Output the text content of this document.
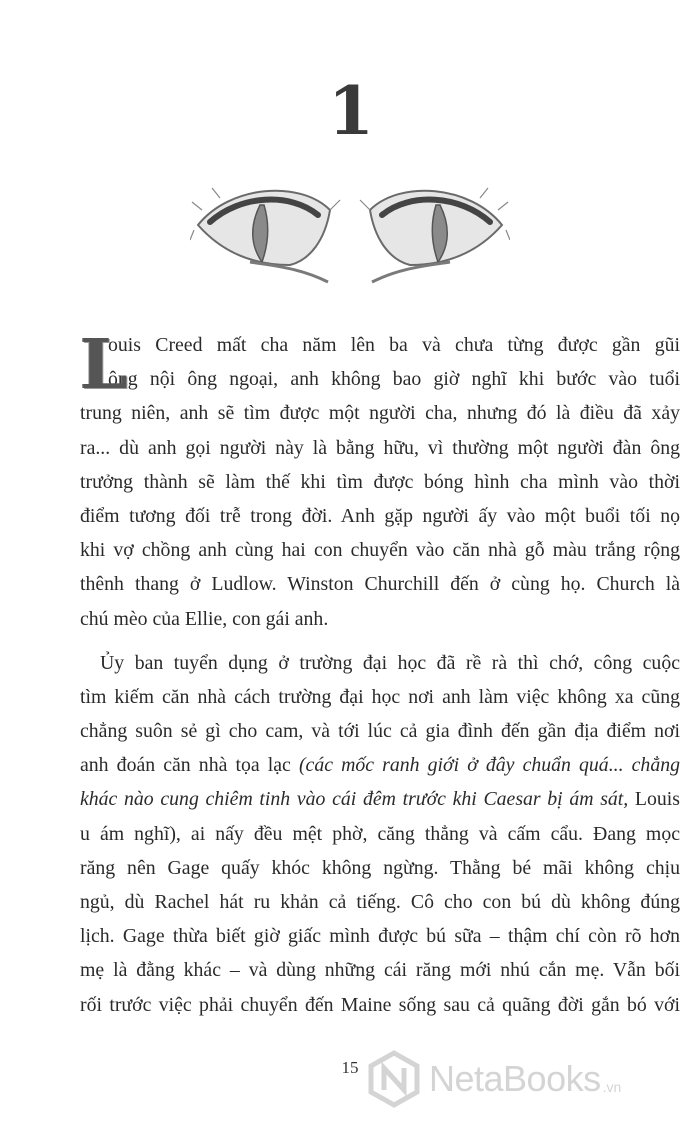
1
L
ouis Creed mất cha năm lên ba và chưa từng được gần gũi
ông nội ông ngoại, anh không bao giờ nghĩ khi bước vào tuổi
trung niên, anh sẽ tìm được một người cha, nhưng đó là điều đã xảy
ra... dù anh gọi người này là bằng hữu, vì thường một người đàn ông
trưởng thành sẽ làm thế khi tìm được bóng hình cha mình vào thời
điểm tương đối trễ trong đời. Anh gặp người ấy vào một buổi tối nọ
khi vợ chồng anh cùng hai con chuyển vào căn nhà gỗ màu trắng rộng
thênh thang ở Ludlow. Winston Churchill đến ở cùng họ. Church là
chú mèo của Ellie, con gái anh.
Ủy ban tuyển dụng ở trường đại học đã rề rà thì chớ, công cuộc
tìm kiếm căn nhà cách trường đại học nơi anh làm việc không xa cũng
chẳng suôn sẻ gì cho cam, và tới lúc cả gia đình đến gần địa điểm nơi
anh đoán căn nhà tọa lạc (các mốc ranh giới ở đây chuẩn quá... chẳng
khác nào cung chiêm tinh vào cái đêm trước khi Caesar bị ám sát, Louis
u ám nghĩ), ai nấy đều mệt phờ, căng thẳng và cấm cẩu. Đang mọc
răng nên Gage quấy khóc không ngừng. Thằng bé mãi không chịu
ngủ, dù Rachel hát ru khản cả tiếng. Cô cho con bú dù không đúng
lịch. Gage thừa biết giờ giấc mình được bú sữa – thậm chí còn rõ hơn
mẹ là đằng khác – và dùng những cái răng mới nhú cắn mẹ. Vẫn bối
rối trước việc phải chuyển đến Maine sống sau cả quãng đời gắn bó với
15	NetaBooks .vn
